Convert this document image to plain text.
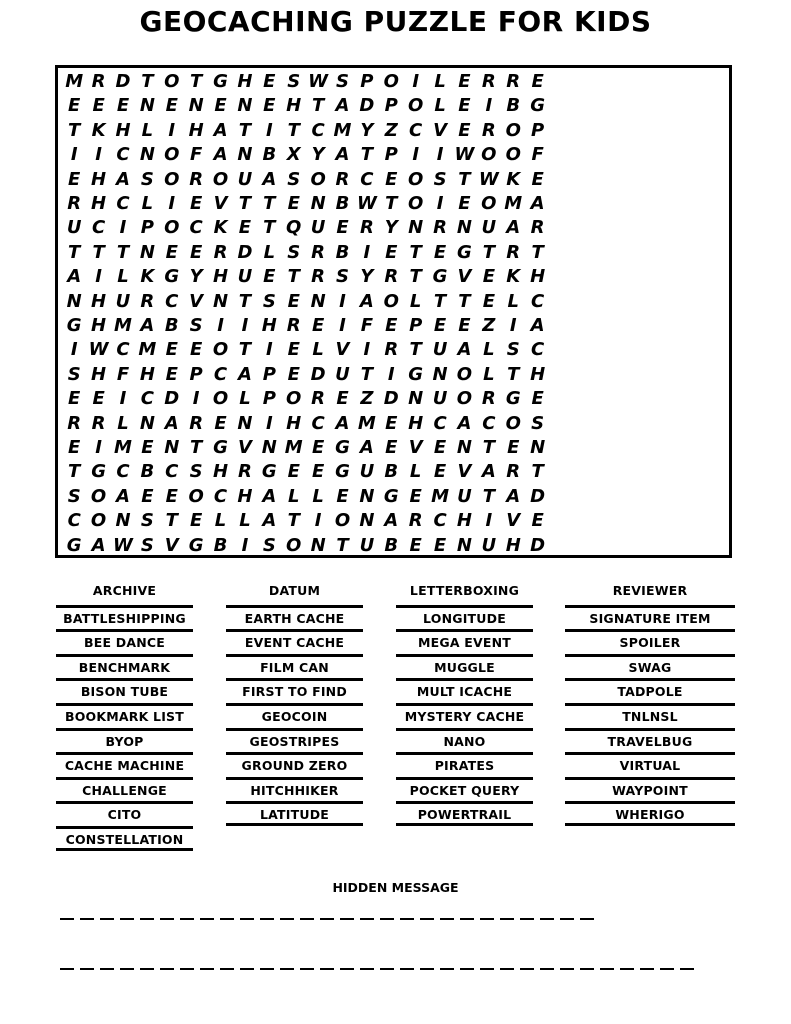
GEOCACHING PUZZLE FOR KIDS
M R D T O T G H E S W S P O I L E R R E
E E E N E N E N E H T A D P O L E I B G
T K H L I H A T I T C M Y Z C V E R O P
I I C N O F A N B X Y A T P I I W O O F
E H A S O R O U A S O R C E O S T W K E
R H C L I E V T T E N B W T O I E O M A
U C I P O C K E T Q U E R Y N R N U A R
T T T N E E R D L S R B I E T E G T R T
A I L K G Y H U E T R S Y R T G V E K H
N H U R C V N T S E N I A O L T T E L C
G H M A B S I I H R E I F E P E E Z I A
I W C M E E O T I E L V I R T U A L S C
S H F H E P C A P E D U T I G N O L T H
E E I C D I O L P O R E Z D N U O R G E
R R L N A R E N I H C A M E H C A C O S
E I M E N T G V N M E G A E V E N T E N
T G C B C S H R G E E G U B L E V A R T
S O A E E O C H A L L E N G E M U T A D
C O N S T E L L A T I O N A R C H I V E
G A W S V G B I S O N T U B E E N U H D
ARCHIVE
BATTLESHIPPING
BEE DANCE
BENCHMARK
BISON TUBE
BOOKMARK LIST
BYOP
CACHE MACHINE
CHALLENGE
CITO
CONSTELLATION
DATUM
EARTH CACHE
EVENT CACHE
FILM CAN
FIRST TO FIND
GEOCOIN
GEOSTRIPES
GROUND ZERO
HITCHHIKER
LATITUDE
LETTERBOXING
LONGITUDE
MEGA EVENT
MUGGLE
MULT ICACHE
MYSTERY CACHE
NANO
PIRATES
POCKET QUERY
POWERTRAIL
REVIEWER
SIGNATURE ITEM
SPOILER
SWAG
TADPOLE
TNLNSL
TRAVELBUG
VIRTUAL
WAYPOINT
WHERIGO
HIDDEN MESSAGE
